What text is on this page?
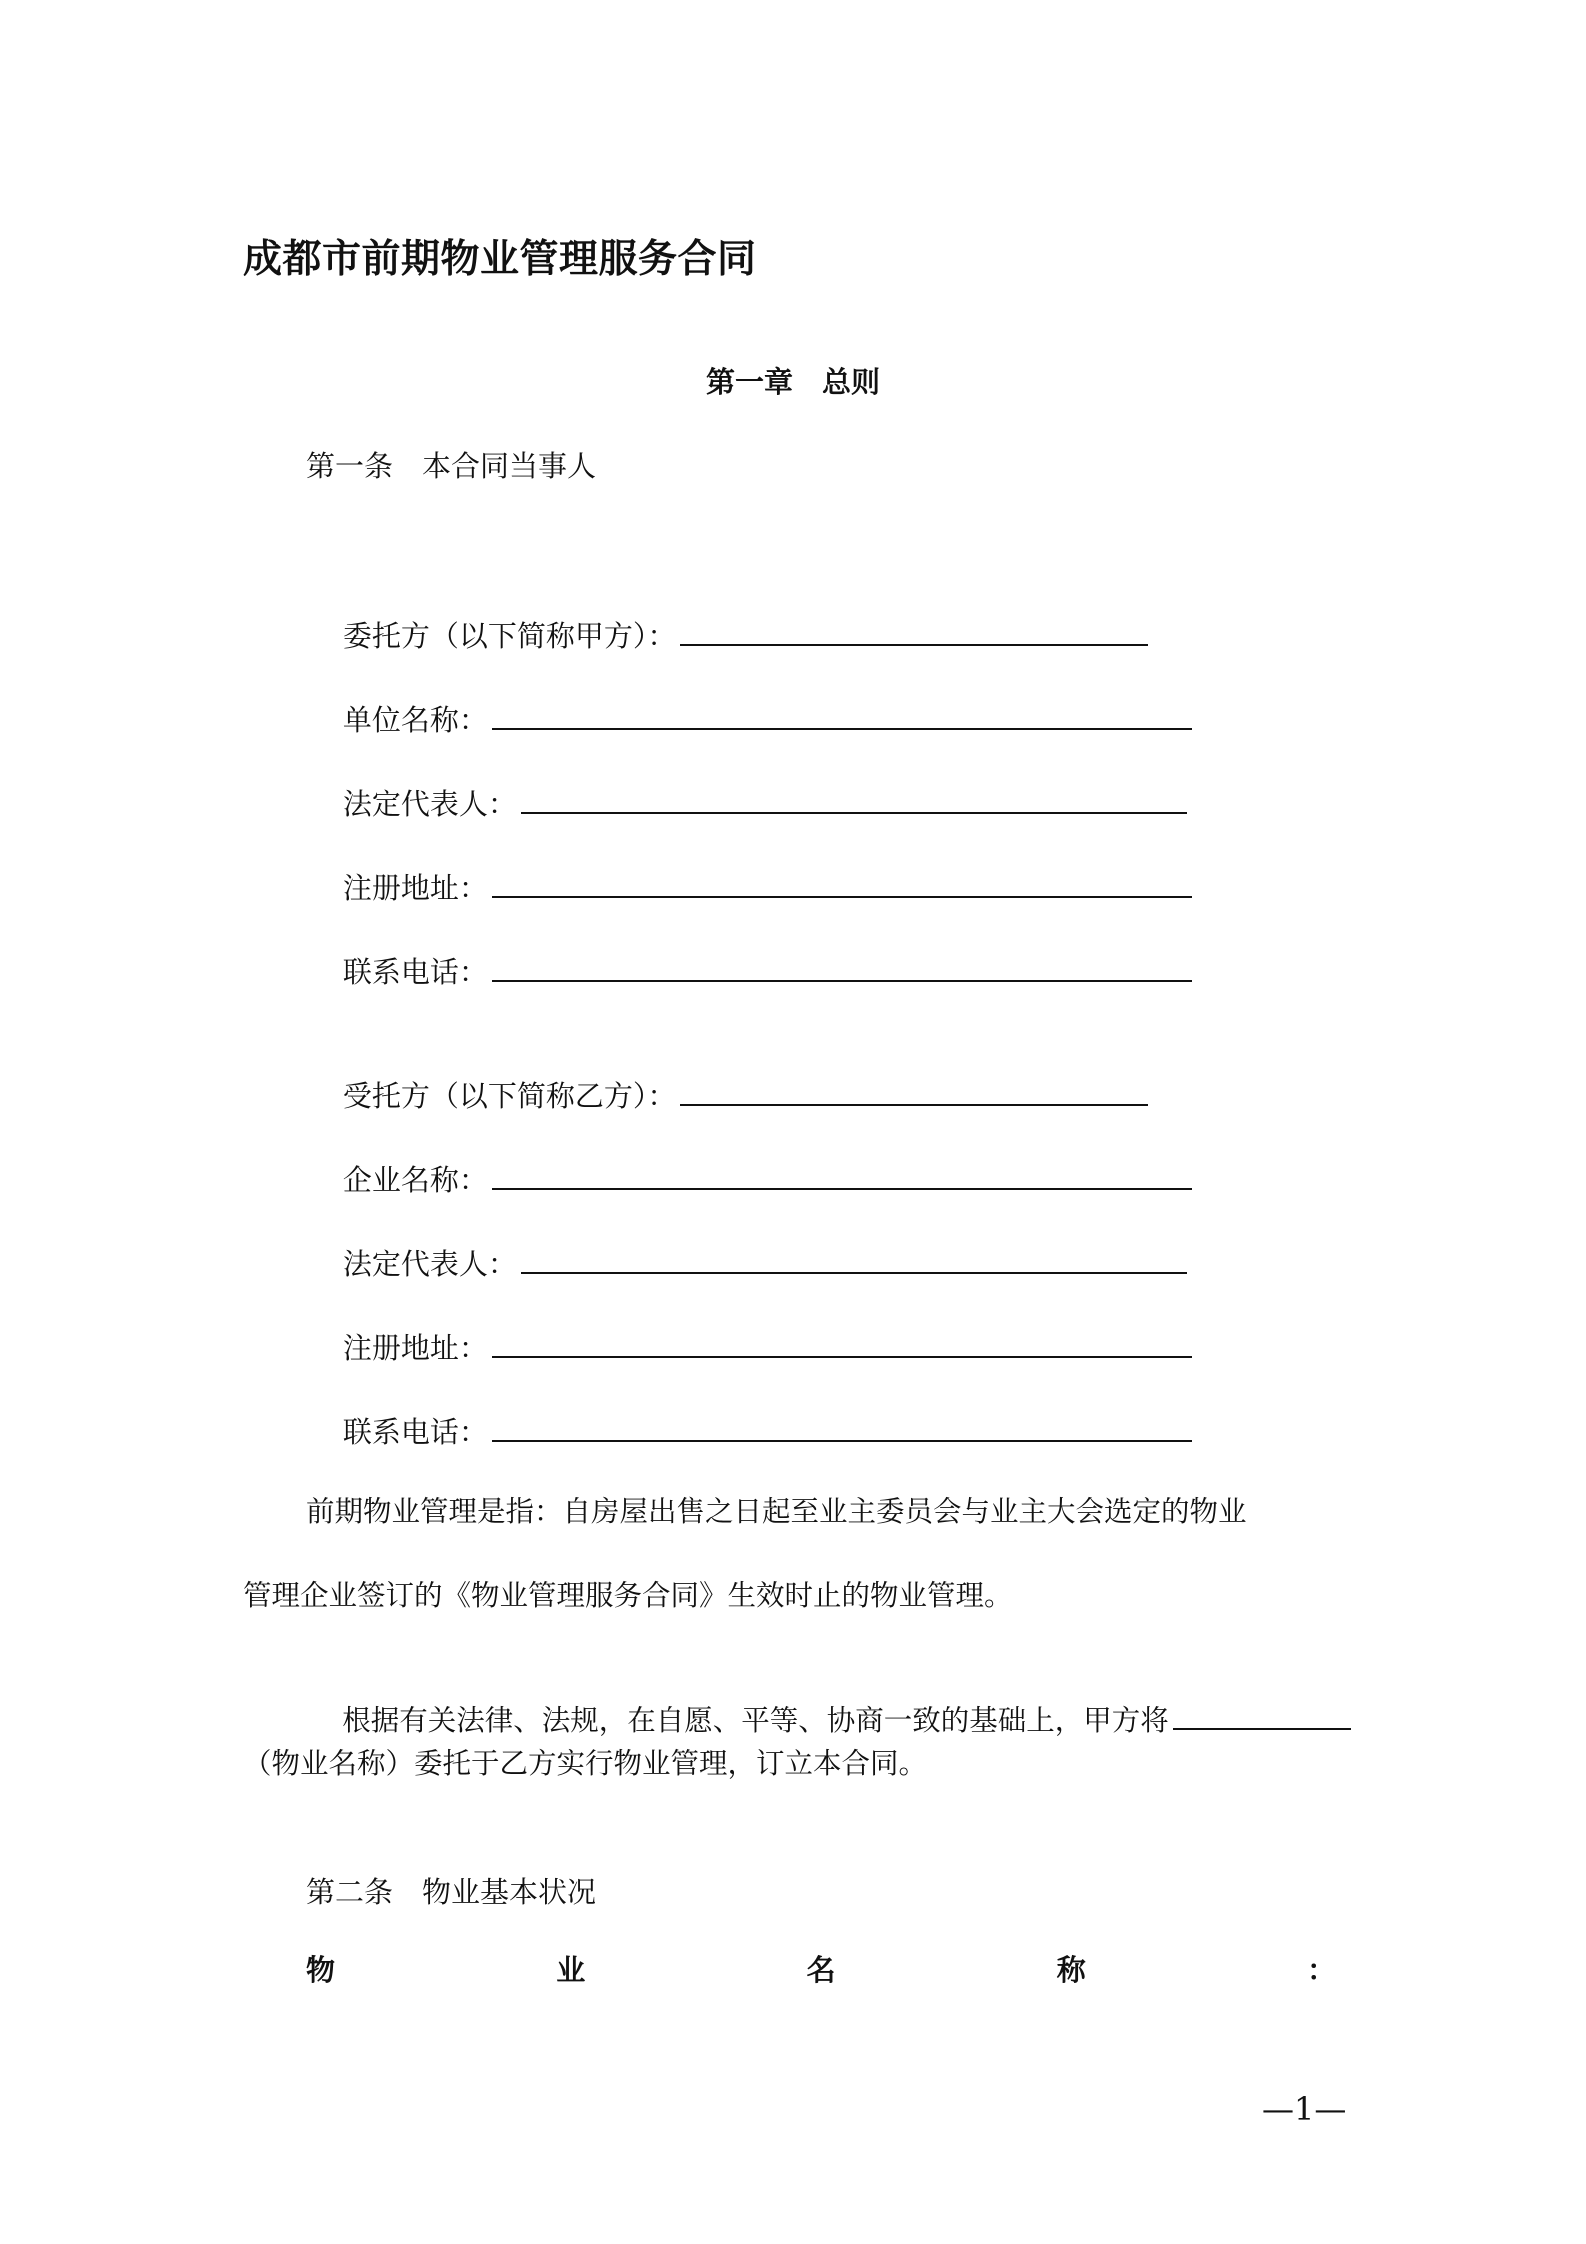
成都市前期物业管理服务合同
第一章　总则
第一条　本合同当事人

委托方（以下简称甲方）：

单位名称：

法定代表人：

注册地址：

联系电话：

受托方（以下简称乙方）：

企业名称：

法定代表人：

注册地址：

联系电话：

前期物业管理是指：自房屋出售之日起至业主委员会与业主大会选定的物业
管理企业签订的《物业管理服务合同》生效时止的物业管理。

根据有关法律、法规，在自愿、平等、协商一致的基础上，甲方将

（物业名称）委托于乙方实行物业管理，订立本合同。
第二条　物业基本状况
物	业	名	称	：
—1—
